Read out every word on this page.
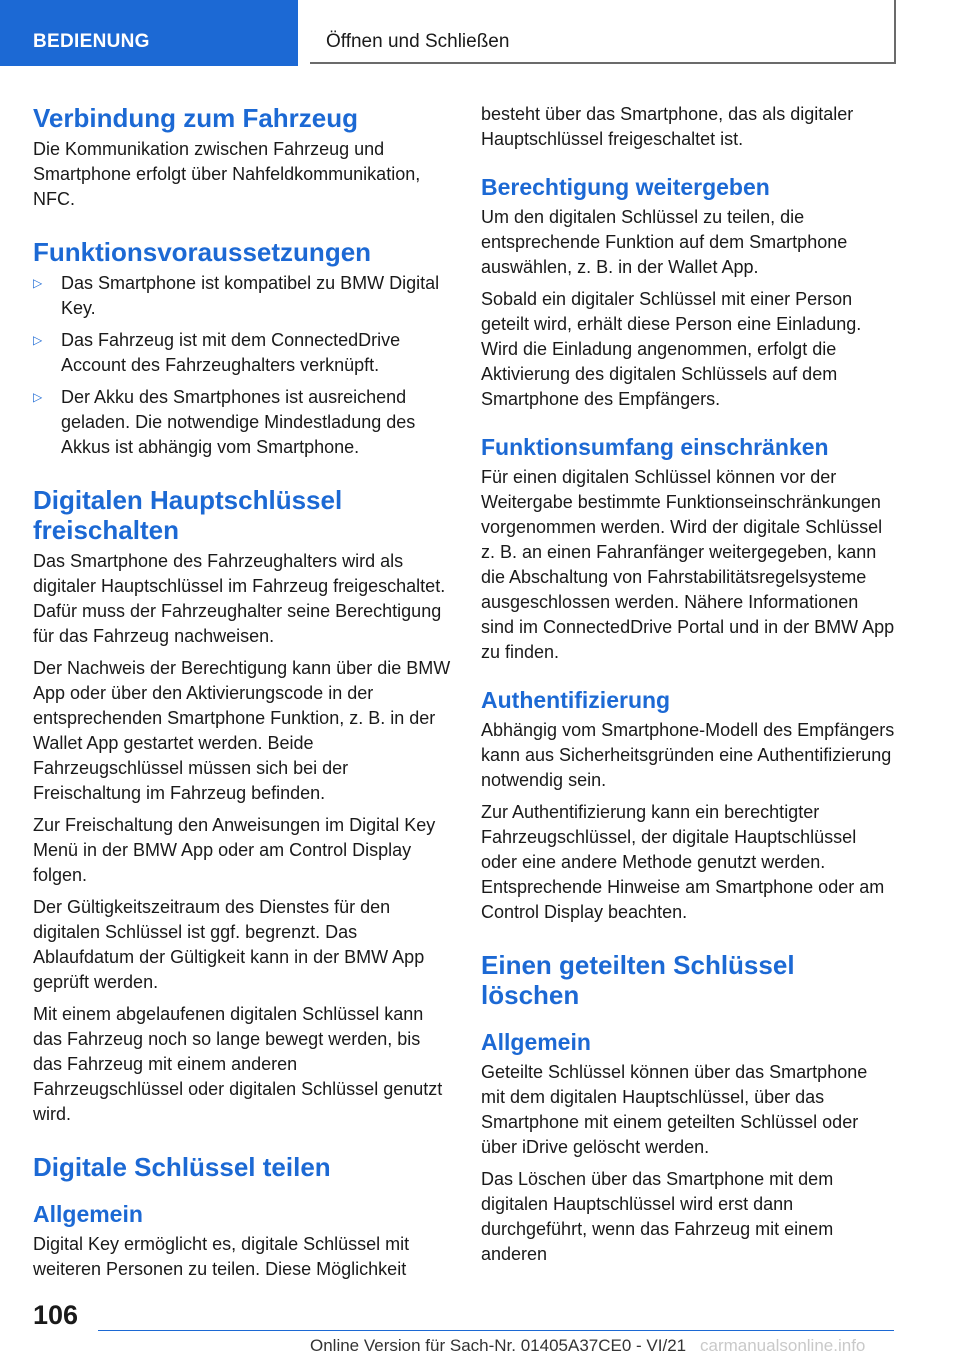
BEDIENUNG	Öffnen und Schließen
Verbindung zum Fahrzeug
Die Kommunikation zwischen Fahrzeug und Smartphone erfolgt über Nahfeldkommunikation, NFC.
Funktionsvoraussetzungen
▷ Das Smartphone ist kompatibel zu BMW Digital Key.
▷ Das Fahrzeug ist mit dem ConnectedDrive Account des Fahrzeughalters verknüpft.
▷ Der Akku des Smartphones ist ausreichend geladen. Die notwendige Mindestladung des Akkus ist abhängig vom Smartphone.
Digitalen Hauptschlüssel freischalten
Das Smartphone des Fahrzeughalters wird als digitaler Hauptschlüssel im Fahrzeug freigeschaltet. Dafür muss der Fahrzeughalter seine Berechtigung für das Fahrzeug nachweisen.
Der Nachweis der Berechtigung kann über die BMW App oder über den Aktivierungscode in der entsprechenden Smartphone Funktion, z. B. in der Wallet App gestartet werden. Beide Fahrzeugschlüssel müssen sich bei der Freischaltung im Fahrzeug befinden.
Zur Freischaltung den Anweisungen im Digital Key Menü in der BMW App oder am Control Display folgen.
Der Gültigkeitszeitraum des Dienstes für den digitalen Schlüssel ist ggf. begrenzt. Das Ablaufdatum der Gültigkeit kann in der BMW App geprüft werden.
Mit einem abgelaufenen digitalen Schlüssel kann das Fahrzeug noch so lange bewegt werden, bis das Fahrzeug mit einem anderen Fahrzeugschlüssel oder digitalen Schlüssel genutzt wird.
Digitale Schlüssel teilen
Allgemein
Digital Key ermöglicht es, digitale Schlüssel mit weiteren Personen zu teilen. Diese Möglichkeit
besteht über das Smartphone, das als digitaler Hauptschlüssel freigeschaltet ist.
Berechtigung weitergeben
Um den digitalen Schlüssel zu teilen, die entsprechende Funktion auf dem Smartphone auswählen, z. B. in der Wallet App.
Sobald ein digitaler Schlüssel mit einer Person geteilt wird, erhält diese Person eine Einladung. Wird die Einladung angenommen, erfolgt die Aktivierung des digitalen Schlüssels auf dem Smartphone des Empfängers.
Funktionsumfang einschränken
Für einen digitalen Schlüssel können vor der Weitergabe bestimmte Funktionseinschränkungen vorgenommen werden. Wird der digitale Schlüssel z. B. an einen Fahranfänger weitergegeben, kann die Abschaltung von Fahrstabilitätsregelsysteme ausgeschlossen werden. Nähere Informationen sind im ConnectedDrive Portal und in der BMW App zu finden.
Authentifizierung
Abhängig vom Smartphone-Modell des Empfängers kann aus Sicherheitsgründen eine Authentifizierung notwendig sein.
Zur Authentifizierung kann ein berechtigter Fahrzeugschlüssel, der digitale Hauptschlüssel oder eine andere Methode genutzt werden. Entsprechende Hinweise am Smartphone oder am Control Display beachten.
Einen geteilten Schlüssel löschen
Allgemein
Geteilte Schlüssel können über das Smartphone mit dem digitalen Hauptschlüssel, über das Smartphone mit einem geteilten Schlüssel oder über iDrive gelöscht werden.
Das Löschen über das Smartphone mit dem digitalen Hauptschlüssel wird erst dann durchgeführt, wenn das Fahrzeug mit einem anderen
106
Online Version für Sach-Nr. 01405A37CE0 - VI/21 carmanualsonline.info
